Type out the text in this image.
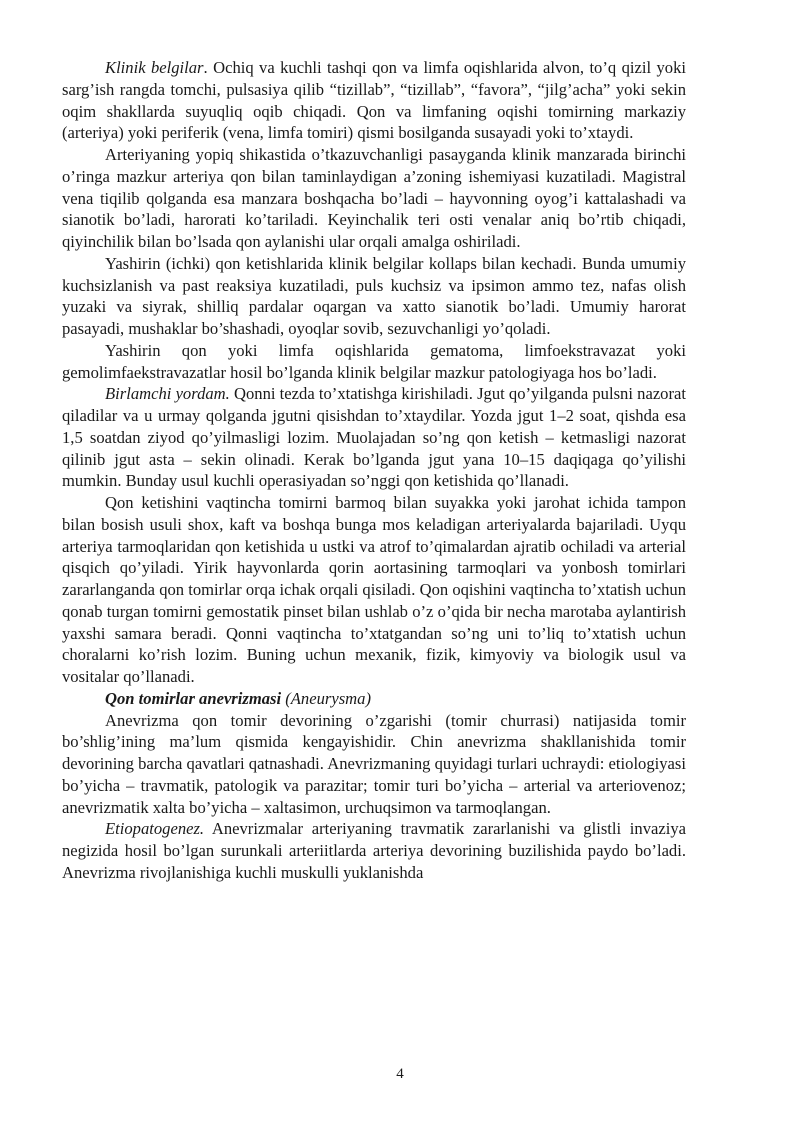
Klinik belgilar. Ochiq va kuchli tashqi qon va limfa oqishlarida alvon, to’q qizil yoki sarg’ish rangda tomchi, pulsasiya qilib “tizillab”, “tizillab”, “favora”, “jilg’acha” yoki sekin oqim shakllarda suyuqliq oqib chiqadi. Qon va limfaning oqishi tomirning markaziy (arteriya) yoki periferik (vena, limfa tomiri) qismi bosilganda susayadi yoki to’xtaydi.

Arteriyaning yopiq shikastida o’tkazuvchanligi pasayganda klinik manzarada birinchi o’ringa mazkur arteriya qon bilan taminlaydigan a’zoning ishemiyasi kuzatiladi. Magistral vena tiqilib qolganda esa manzara boshqacha bo’ladi – hayvonning oyog’i kattalashadi va sianotik bo’ladi, harorati ko’tariladi. Keyinchalik teri osti venalar aniq bo’rtib chiqadi, qiyinchilik bilan bo’lsada qon aylanishi ular orqali amalga oshiriladi.

Yashirin (ichki) qon ketishlarida klinik belgilar kollaps bilan kechadi. Bunda umumiy kuchsizlanish va past reaksiya kuzatiladi, puls kuchsiz va ipsimon ammo tez, nafas olish yuzaki va siyrak, shilliq pardalar oqargan va xatto sianotik bo’ladi. Umumiy harorat pasayadi, mushaklar bo’shashadi, oyoqlar sovib, sezuvchanligi yo’qoladi.

Yashirin qon yoki limfa oqishlarida gematoma, limfoekstravazat yoki gemolimfaekstravazatlar hosil bo’lganda klinik belgilar mazkur patologiyaga hos bo’ladi.

Birlamchi yordam. Qonni tezda to’xtatishga kirishiladi. Jgut qo’yilganda pulsni nazorat qiladilar va u urmay qolganda jgutni qisishdan to’xtaydilar. Yozda jgut 1–2 soat, qishda esa 1,5 soatdan ziyod qo’yilmasligi lozim. Muolajadan so’ng qon ketish – ketmasligi nazorat qilinib jgut asta – sekin olinadi. Kerak bo’lganda jgut yana 10–15 daqiqaga qo’yilishi mumkin. Bunday usul kuchli operasiyadan so’nggi qon ketishida qo’llanadi.

Qon ketishini vaqtincha tomirni barmoq bilan suyakka yoki jarohat ichida tampon bilan bosish usuli shox, kaft va boshqa bunga mos keladigan arteriyalarda bajariladi. Uyqu arteriya tarmoqlaridan qon ketishida u ustki va atrof to’qimalardan ajratib ochiladi va arterial qisqich qo’yiladi. Yirik hayvonlarda qorin aortasining tarmoqlari va yonbosh tomirlari zararlanganda qon tomirlar orqa ichak orqali qisiladi. Qon oqishini vaqtincha to’xtatish uchun qonab turgan tomirni gemostatik pinset bilan ushlab o’z o’qida bir necha marotaba aylantirish yaxshi samara beradi. Qonni vaqtincha to’xtatgandan so’ng uni to’liq to’xtatish uchun choralarni ko’rish lozim. Buning uchun mexanik, fizik, kimyoviy va biologik usul va vositalar qo’llanadi.

Qon tomirlar anevrizmasi (Aneurysma)

Anevrizma qon tomir devorining o’zgarishi (tomir churrasi) natijasida tomir bo’shlig’ining ma’lum qismida kengayishidir. Chin anevrizma shakllanishida tomir devorining barcha qavatlari qatnashadi. Anevrizmaning quyidagi turlari uchraydi: etiologiyasi bo’yicha – travmatik, patologik va parazitar; tomir turi bo’yicha – arterial va arteriovenoz; anevrizmatik xalta bo’yicha – xaltasimon, urchuqsimon va tarmoqlangan.

Etiopatogenez. Anevrizmalar arteriyaning travmatik zararlanishi va glistli invaziya negizida hosil bo’lgan surunkali arteriitlarda arteriya devorining buzilishida paydo bo’ladi. Anevrizma rivojlanishiga kuchli muskulli yuklanishda

4
